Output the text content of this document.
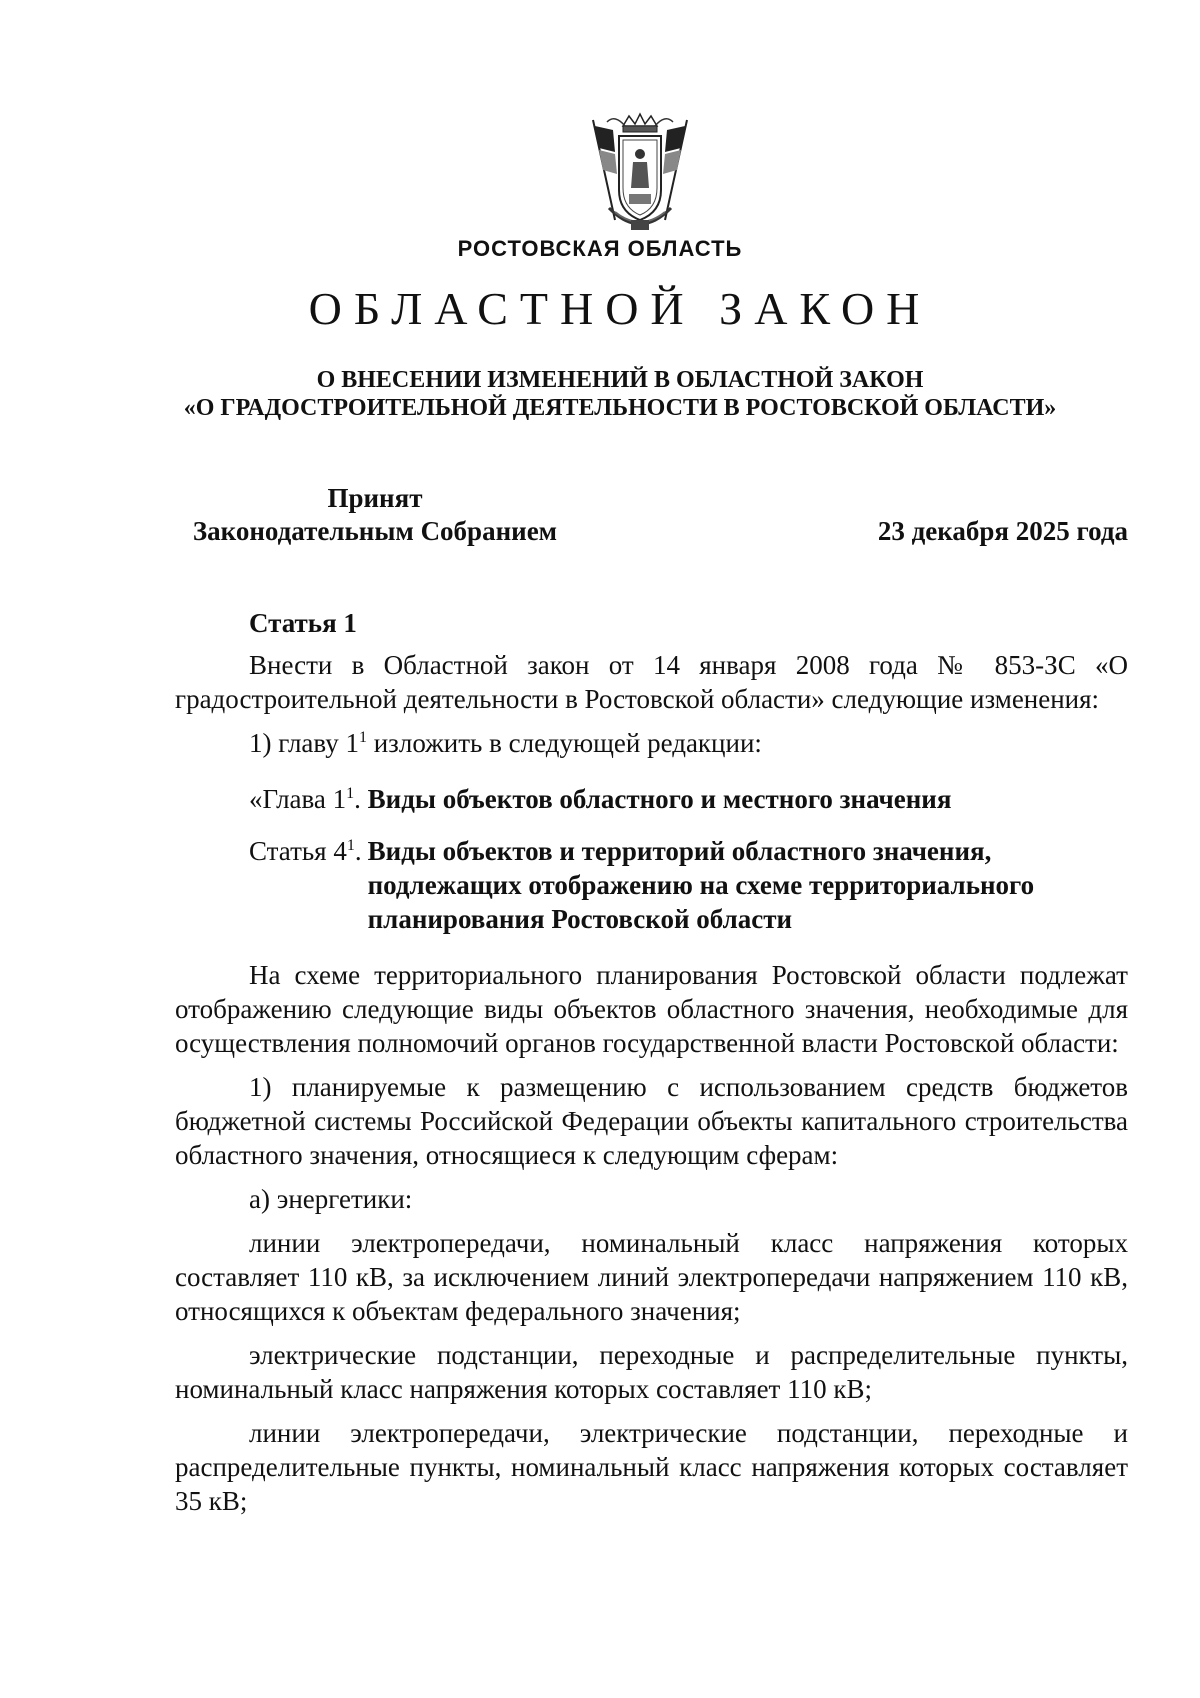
РОСТОВСКАЯ ОБЛАСТЬ
ОБЛАСТНОЙ ЗАКОН
О ВНЕСЕНИИ ИЗМЕНЕНИЙ В ОБЛАСТНОЙ ЗАКОН
«О ГРАДОСТРОИТЕЛЬНОЙ ДЕЯТЕЛЬНОСТИ В РОСТОВСКОЙ ОБЛАСТИ»
Принят
Законодательным Собранием	23 декабря 2025 года

Статья 1

Внести в Областной закон от 14 января 2008 года № 853-ЗС «О градостроительной деятельности в Ростовской области» следующие изменения:

1) главу $1^1$ изложить в следующей редакции:

«Глава $1^1$. Виды объектов областного и местного значения

Статья $4^1$. Виды объектов и территорий областного значения, подлежащих отображению на схеме территориального планирования Ростовской области

На схеме территориального планирования Ростовской области подлежат отображению следующие виды объектов областного значения, необходимые для осуществления полномочий органов государственной власти Ростовской области:

1) планируемые к размещению с использованием средств бюджетов бюджетной системы Российской Федерации объекты капитального строительства областного значения, относящиеся к следующим сферам:

а) энергетики:

линии электропередачи, номинальный класс напряжения которых составляет 110 кВ, за исключением линий электропередачи напряжением 110 кВ, относящихся к объектам федерального значения;

электрические подстанции, переходные и распределительные пункты, номинальный класс напряжения которых составляет 110 кВ;

линии электропередачи, электрические подстанции, переходные и распределительные пункты, номинальный класс напряжения которых составляет 35 кВ;
